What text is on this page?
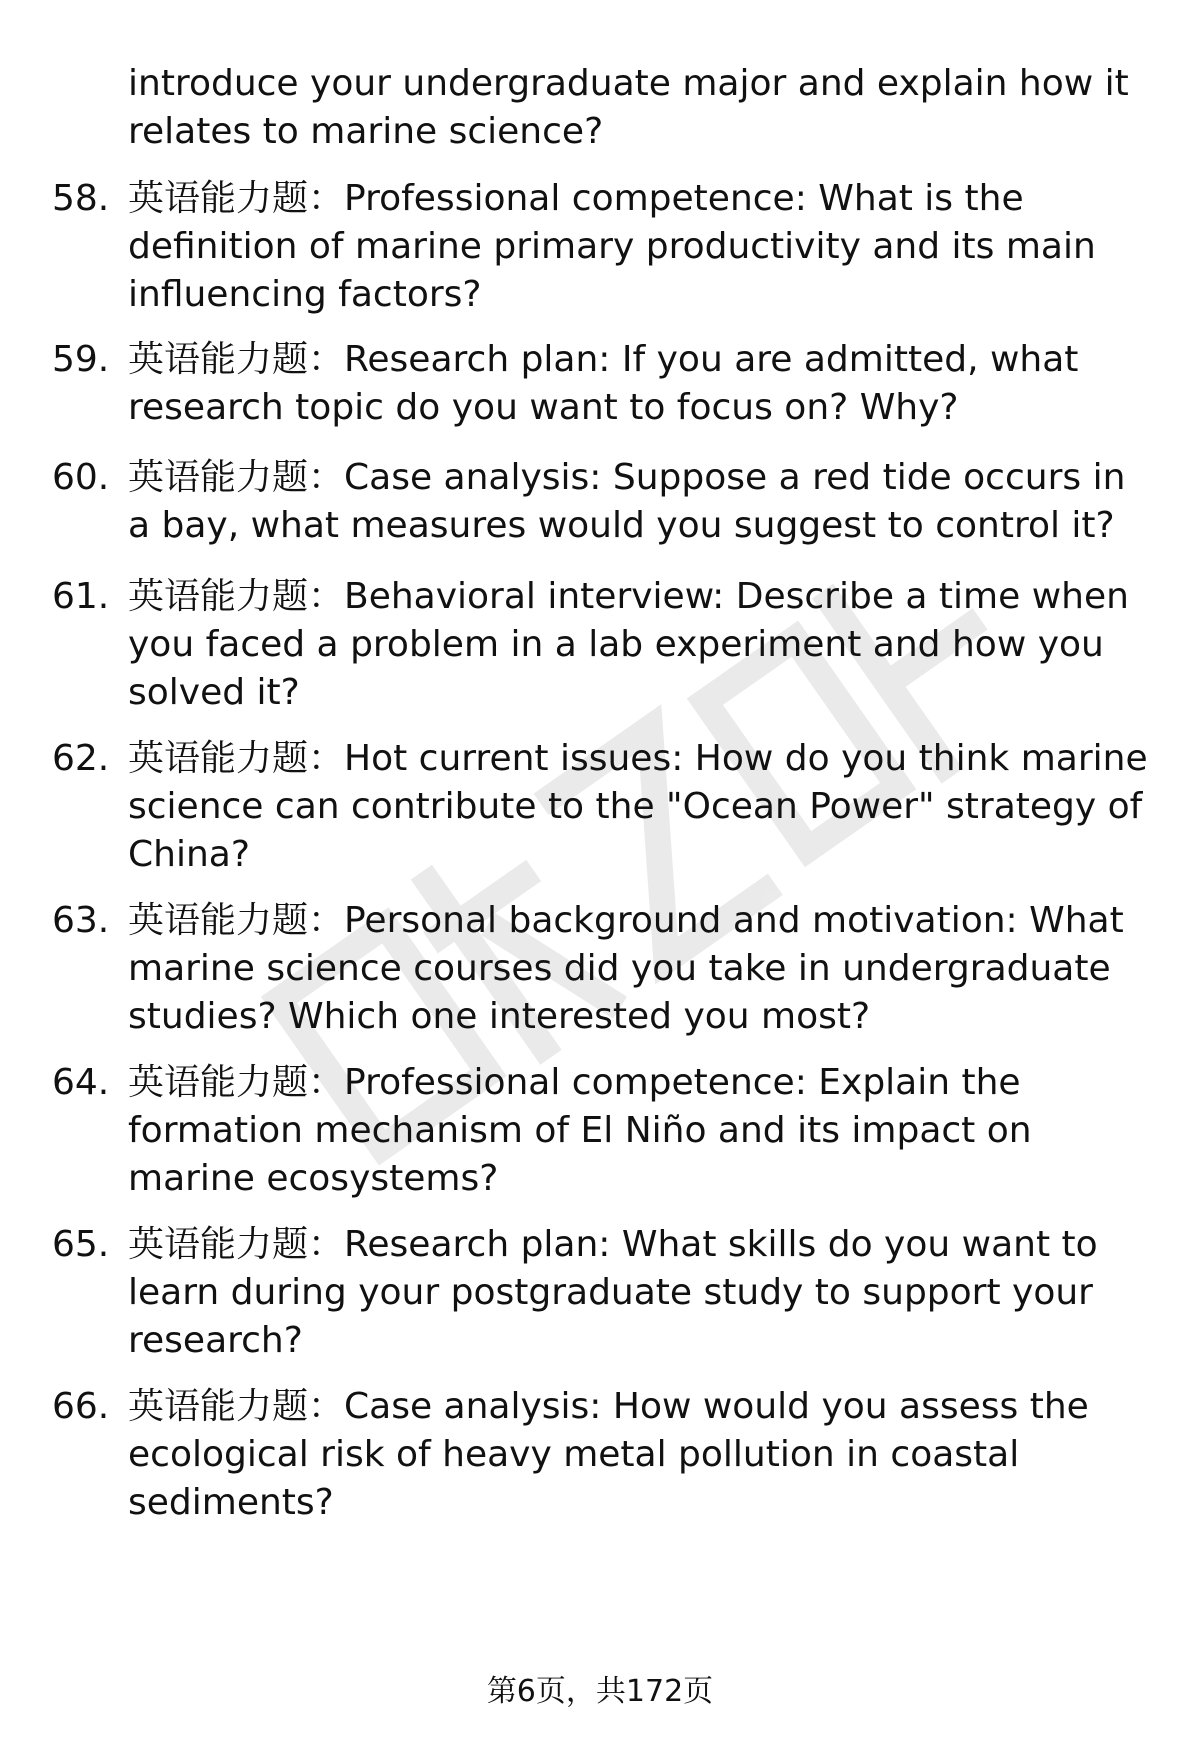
introduce your undergraduate major and explain how it relates to marine science?

58. 英语能力题：Professional competence: What is the definition of marine primary productivity and its main influencing factors?

59. 英语能力题：Research plan: If you are admitted, what research topic do you want to focus on? Why?

60. 英语能力题：Case analysis: Suppose a red tide occurs in a bay, what measures would you suggest to control it?

61. 英语能力题：Behavioral interview: Describe a time when you faced a problem in a lab experiment and how you solved it?

62. 英语能力题：Hot current issues: How do you think marine science can contribute to the "Ocean Power" strategy of China?

63. 英语能力题：Personal background and motivation: What marine science courses did you take in undergraduate studies? Which one interested you most?

64. 英语能力题：Professional competence: Explain the formation mechanism of El Niño and its impact on marine ecosystems?

65. 英语能力题：Research plan: What skills do you want to learn during your postgraduate study to support your research?

66. 英语能力题：Case analysis: How would you assess the ecological risk of heavy metal pollution in coastal sediments?

第6页，共172页
